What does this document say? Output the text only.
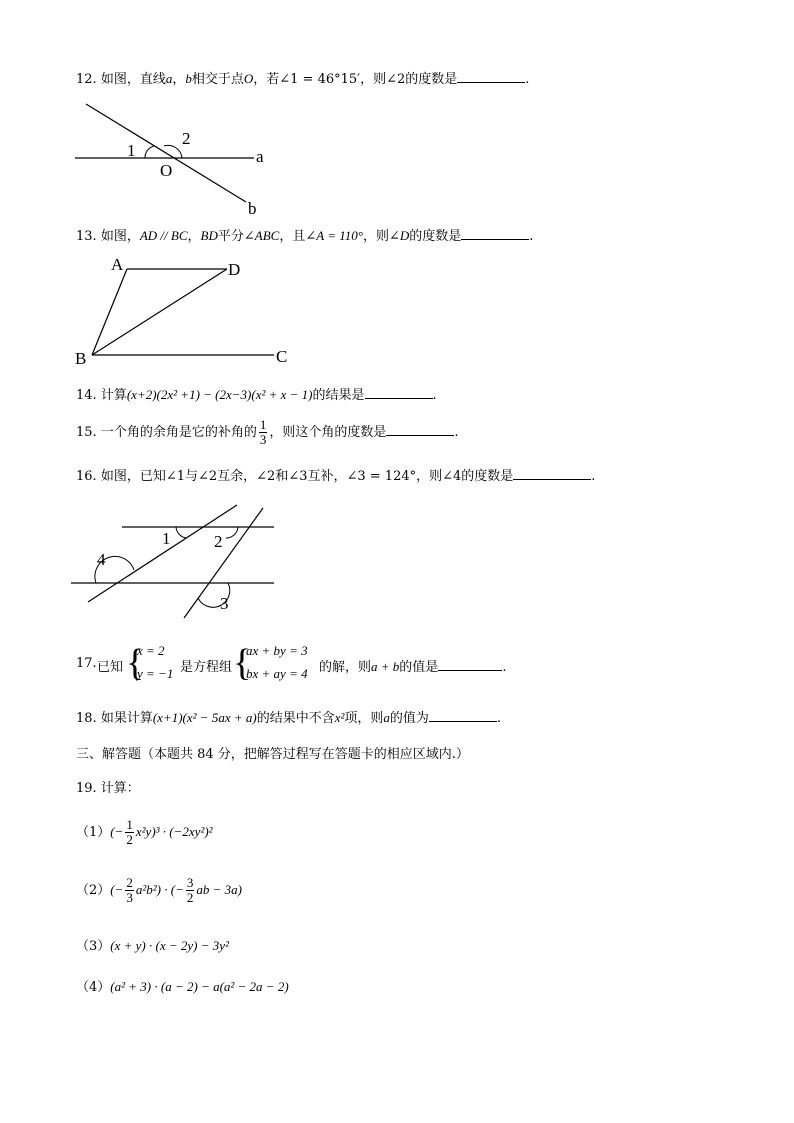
12. 如图，直线a，b相交于点O，若∠1 = 46°15′，则∠2的度数是	.
1
2
O
a
b
13. 如图，AD // BC，BD平分∠ABC，且∠A = 110°，则∠D的度数是	.
A	D
B	C
14. 计算(x+2)(2x² +1) − (2x−3)(x² + x − 1)的结果是	.
15. 一个角的余角是它的补角的 $\frac{1}{3}$ ，则这个角的度数是	.
16. 如图，已知∠1与∠2互余，∠2和∠3互补，∠3 = 124°，则∠4的度数是	.
1	2
3
4
17. 已知 {
x = 2
y = −1 是方程组 {
ax + by = 3
bx + ay = 4 的解，则a + b的值是	.
18. 如果计算(x+1)(x² − 5ax + a)的结果中不含x²项，则a的值为	.
三、解答题（本题共 84 分，把解答过程写在答题卡的相应区域内.）
19. 计算：
$(1)(- \frac{1}{2} x^2y)^3 \cdot (-2xy^2)^2$
$(2)(- \frac{2}{3} a^2b^2)$ · (− $\frac{3}{2}$ ab − 3a)
（3）(x + y) · (x − 2y) − 3y²
（4）(a² + 3) · (a − 2) − a(a² − 2a − 2)
